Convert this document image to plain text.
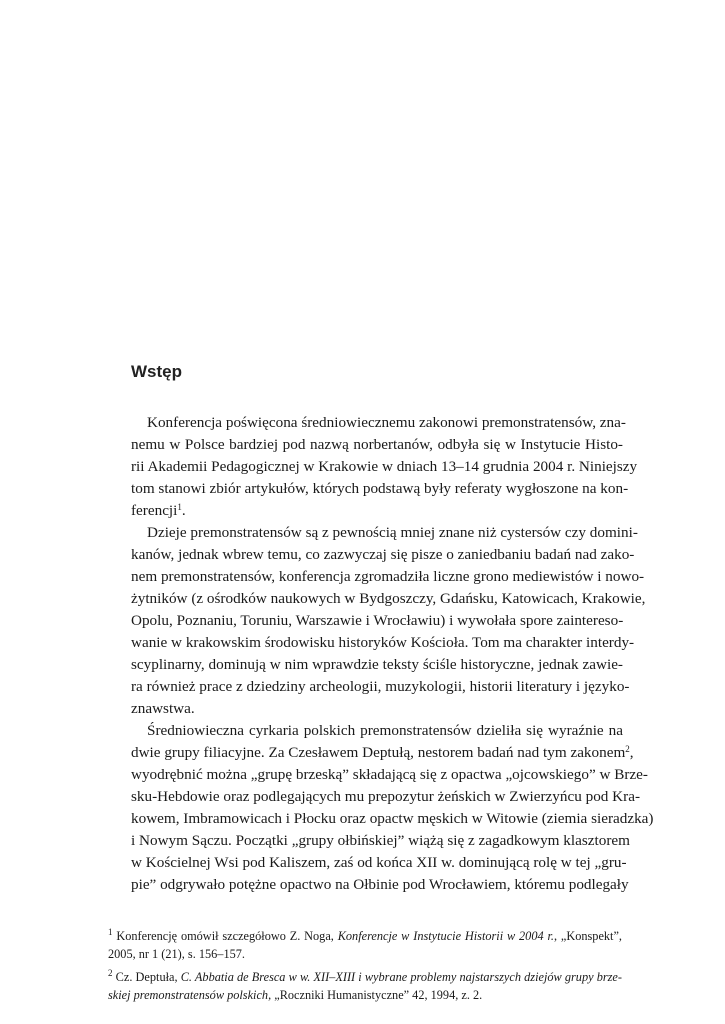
Wstęp
Konferencja poświęcona średniowiecznemu zakonowi premonstratensów, zna-
nemu w Polsce bardziej pod nazwą norbertanów, odbyła się w Instytucie Histo-
rii Akademii Pedagogicznej w Krakowie w dniach 13–14 grudnia 2004 r. Niniejszy
tom stanowi zbiór artykułów, których podstawą były referaty wygłoszone na kon-
ferencji$^1$.
Dzieje premonstratensów są z pewnością mniej znane niż cystersów czy domini-
kanów, jednak wbrew temu, co zazwyczaj się pisze o zaniedbaniu badań nad zako-
nem premonstratensów, konferencja zgromadziła liczne grono mediewistów i nowo-
żytników (z ośrodków naukowych w Bydgoszczy, Gdańsku, Katowicach, Krakowie,
Opolu, Poznaniu, Toruniu, Warszawie i Wrocławiu) i wywołała spore zaintereso-
wanie w krakowskim środowisku historyków Kościoła. Tom ma charakter interdy-
scyplinarny, dominują w nim wprawdzie teksty ściśle historyczne, jednak zawie-
ra również prace z dziedziny archeologii, muzykologii, historii literatury i języko-
znawstwa.
Średniowieczna cyrkaria polskich premonstratensów dzieliła się wyraźnie na
dwie grupy filiacyjne. Za Czesławem Deptułą, nestorem badań nad tym zakonem$^2$,
wyodrębnić można „grupę brzeską” składającą się z opactwa „ojcowskiego” w Brze-
sku-Hebdowie oraz podlegających mu prepozytur żeńskich w Zwierzyńcu pod Kra-
kowem, Imbramowicach i Płocku oraz opactw męskich w Witowie (ziemia sieradzka)
i Nowym Sączu. Początki „grupy ołbińskiej” wiążą się z zagadkowym klasztorem
w Kościelnej Wsi pod Kaliszem, zaś od końca XII w. dominującą rolę w tej „gru-
pie” odgrywało potężne opactwo na Ołbinie pod Wrocławiem, któremu podlegały
$^1$ Konferencję omówił szczegółowo Z. Noga, Konferencje w Instytucie Historii w 2004 r., „Konspekt”,
2005, nr 1 (21), s. 156–157.
$^2$ Cz. Deptuła, C. Abbatia de Bresca w w. XII–XIII i wybrane problemy najstarszych dziejów grupy brze-
skiej premonstratensów polskich, „Roczniki Humanistyczne” 42, 1994, z. 2.
